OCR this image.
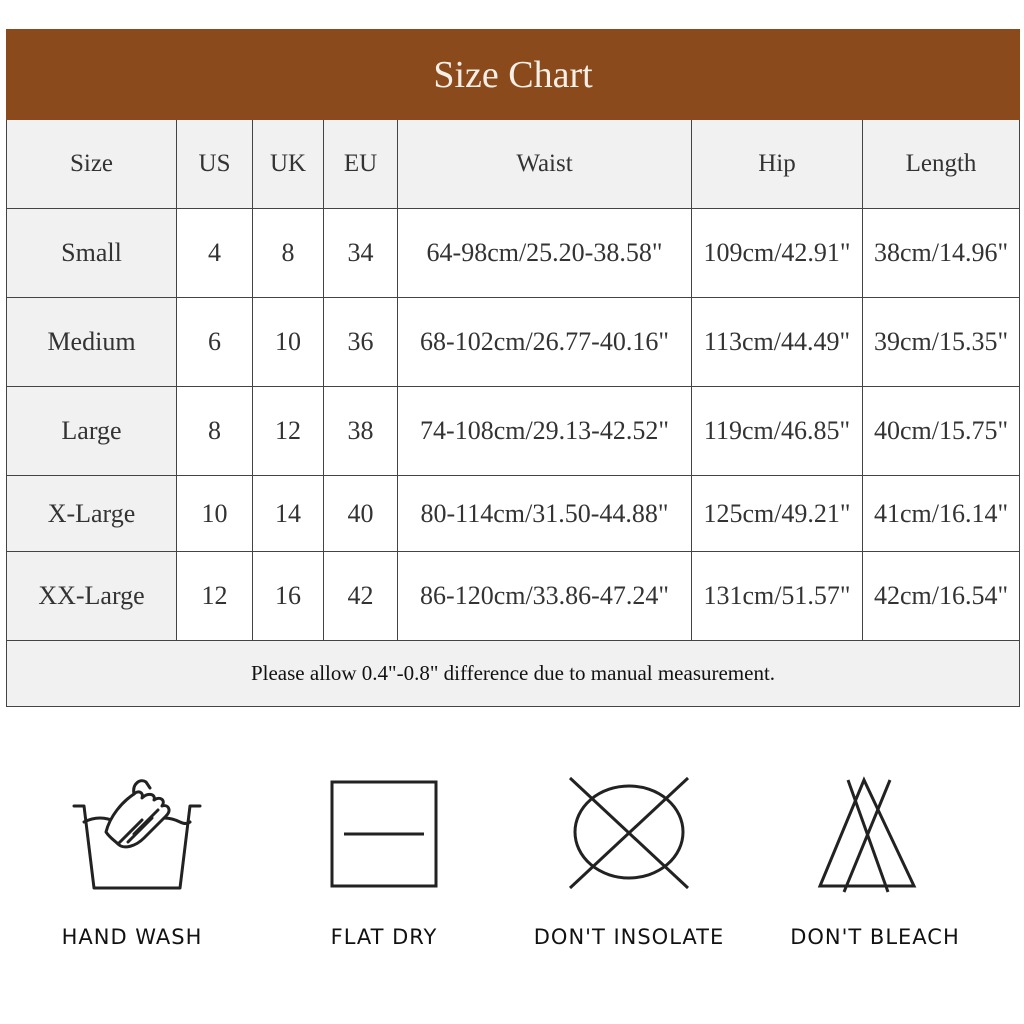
Size Chart						
Size	US	UK	EU	Waist	Hip	Length
Small	4	8	34	64-98cm/25.20-38.58"	109cm/42.91"	38cm/14.96"
Medium	6	10	36	68-102cm/26.77-40.16"	113cm/44.49"	39cm/15.35"
Large	8	12	38	74-108cm/29.13-42.52"	119cm/46.85"	40cm/15.75"
X-Large	10	14	40	80-114cm/31.50-44.88"	125cm/49.21"	41cm/16.14"
XX-Large	12	16	42	86-120cm/33.86-47.24"	131cm/51.57"	42cm/16.54"
Please allow 0.4"-0.8" difference due to manual measurement.						
HAND WASH	FLAT DRY	DON'T INSOLATE	DON'T BLEACH
